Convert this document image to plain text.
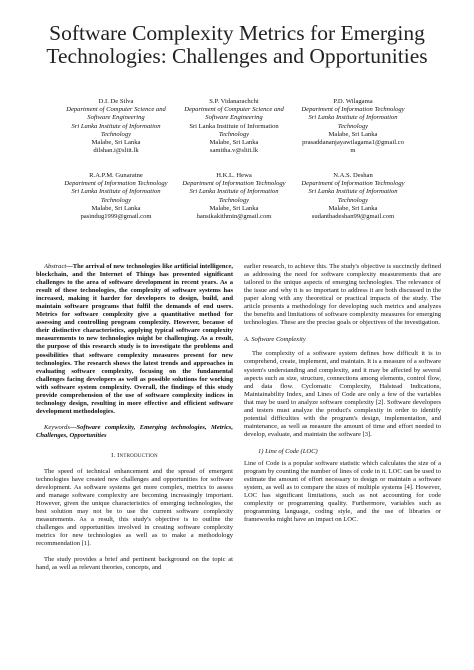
Software Complexity Metrics for Emerging Technologies: Challenges and Opportunities
D.I. De Silva
Department of Computer Science and
Software Engineering
Sri Lanka Institute of Information
Technology
Malabe, Sri Lanka
dilshan.i@sliit.lk
S.P. Vidanarachchi
Department of Computer Science and
Software Engineering
Sri Lanka Institute of Information
Technology
Malabe, Sri Lanka
samitha.v@sliit.lk
P.D. Wilagama
Department of Information Technology
Sri Lanka Institute of Information
Technology
Malabe, Sri Lanka
prasaddananjayawilagama1@gmail.co
m
R.A.P.M. Gunaratne
Department of Information Technology
Sri Lanka Institute of Information
Technology
Malabe, Sri Lanka
pasindug1999@gmail.com
H.K.L. Hewa
Department of Information Technology
Sri Lanka Institute of Information
Technology
Malabe, Sri Lanka
hansikakithmin@gmail.com
N.A.S. Deshan
Department of Information Technology
Sri Lanka Institute of Information
Technology
Malabe, Sri Lanka
sudanthadeshan99@gmail.com

Abstract—The arrival of new technologies like artificial intelligence, blockchain, and the Internet of Things has presented significant challenges to the area of software development in recent years. As a result of these technologies, the complexity of software systems has increased, making it harder for developers to design, build, and maintain software programs that fulfil the demands of end users. Metrics for software complexity give a quantitative method for assessing and controlling program complexity. However, because of their distinctive characteristics, applying typical software complexity measurements to new technologies might be challenging. As a result, the purpose of this research study is to investigate the problems and possibilities that software complexity measures present for new technologies. The research shows the latest trends and approaches in evaluating software complexity, focusing on the fundamental challenges facing developers as well as possible solutions for working with software system complexity. Overall, the findings of this study provide comprehension of the use of software complexity indices in technology design, resulting in more effective and efficient software development methodologies.

Keywords—Software complexity, Emerging technologies, Metrics, Challenges, Opportunities

I. Introduction

The speed of technical enhancement and the spread of emergent technologies have created new challenges and opportunities for software development. As software systems get more complex, metrics to assess and manage software complexity are becoming increasingly important. However, given the unique characteristics of emerging technologies, the best solution may not be to use the current software complexity measurements. As a result, this study's objective is to outline the challenges and opportunities involved in creating software complexity metrics for new technologies as well as to make a methodology recommendation [1].

The study provides a brief and pertinent background on the topic at hand, as well as relevant theories, concepts, and

earlier research, to achieve this. The study's objective is succinctly defined as addressing the need for software complexity measurements that are tailored to the unique aspects of emerging technologies. The relevance of the issue and why it is so important to address it are both discussed in the paper along with any theoretical or practical impacts of the study. The article presents a methodology for developing such metrics and analyzes the benefits and limitations of software complexity measures for emerging technologies. These are the precise goals or objectives of the investigation.

A. Software Complexity

The complexity of a software system defines how difficult it is to comprehend, create, implement, and maintain. It is a measure of a software system's understanding and complexity, and it may be affected by several aspects such as size, structure, connections among elements, control flow, and data flow. Cyclomatic Complexity, Halstead Indications, Maintainability Index, and Lines of Code are only a few of the variables that may be used to analyze software complexity [2]. Software developers and testers must analyze the product's complexity in order to identify potential difficulties with the program's design, implementation, and maintenance, as well as measure the amount of time and effort needed to develop, evaluate, and maintain the software [3].

1) Line of Code (LOC)

Line of Code is a popular software statistic which calculates the size of a program by counting the number of lines of code in it. LOC can be used to estimate the amount of effort necessary to design or maintain a software system, as well as to compare the sizes of multiple systems [4]. However, LOC has significant limitations, such as not accounting for code complexity or programming quality. Furthermore, variables such as programming language, coding style, and the use of libraries or frameworks might have an impact on LOC.
